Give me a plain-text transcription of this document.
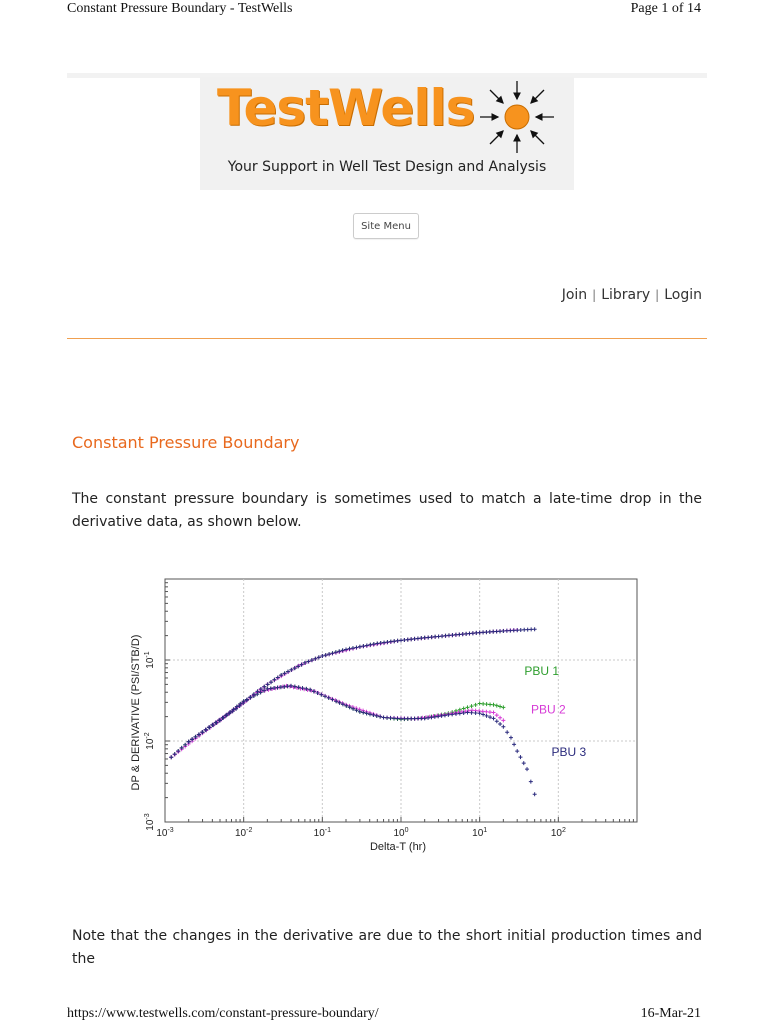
Constant Pressure Boundary - TestWells	Page 1 of 14
TestWells
Your Support in Well Test Design and Analysis
Site Menu
Join | Library | Login
Constant Pressure Boundary

The constant pressure boundary is sometimes used to match a late-time drop in the derivative data, as shown below.

$10^{-3}$	$10^{-2}$	$10^{-1}$	$10^0$	$10^1$	$10^2$
$10^{-3}$
$10^{-2}$
$10^{-1}$
Delta-T (hr)
DP & DERIVATIVE (PSI/STB/D)	PBU 1
PBU 2
PBU 3

Note that the changes in the derivative are due to the short initial production times and the

https://www.testwells.com/constant-pressure-boundary/	16-Mar-21
